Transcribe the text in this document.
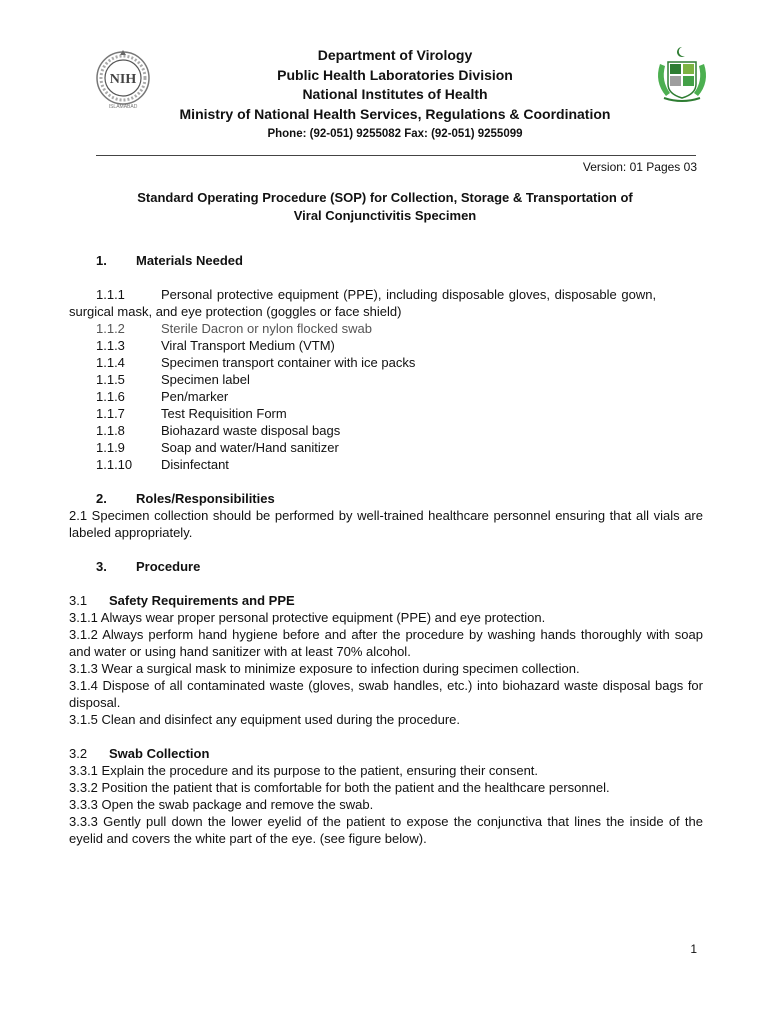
NIH
ISLAMABAD
Department of Virology
Public Health Laboratories Division
National Institutes of Health
Ministry of National Health Services, Regulations & Coordination
Phone: (92-051) 9255082 Fax: (92-051) 9255099
Version: 01 Pages 03
Standard Operating Procedure (SOP) for Collection, Storage & Transportation of
Viral Conjunctivitis Specimen
1. Materials Needed
1.1.1	Personal protective equipment (PPE), including disposable gloves, disposable gown,
surgical mask, and eye protection (goggles or face shield)
1.1.2	Sterile Dacron or nylon flocked swab
1.1.3	Viral Transport Medium (VTM)
1.1.4	Specimen transport container with ice packs
1.1.5	Specimen label
1.1.6	Pen/marker
1.1.7	Test Requisition Form
1.1.8	Biohazard waste disposal bags
1.1.9	Soap and water/Hand sanitizer
1.1.10 Disinfectant
2. Roles/Responsibilities
2.1 Specimen collection should be performed by well-trained healthcare personnel ensuring that all vials are labeled appropriately.
3. Procedure
3.1 Safety Requirements and PPE
3.1.1 Always wear proper personal protective equipment (PPE) and eye protection.
3.1.2 Always perform hand hygiene before and after the procedure by washing hands thoroughly with soap and water or using hand sanitizer with at least 70% alcohol.
3.1.3 Wear a surgical mask to minimize exposure to infection during specimen collection.
3.1.4 Dispose of all contaminated waste (gloves, swab handles, etc.) into biohazard waste disposal bags for disposal.
3.1.5 Clean and disinfect any equipment used during the procedure.
3.2 Swab Collection
3.3.1 Explain the procedure and its purpose to the patient, ensuring their consent.
3.3.2 Position the patient that is comfortable for both the patient and the healthcare personnel.
3.3.3 Open the swab package and remove the swab.
3.3.3 Gently pull down the lower eyelid of the patient to expose the conjunctiva that lines the inside of the eyelid and covers the white part of the eye. (see figure below).
1
